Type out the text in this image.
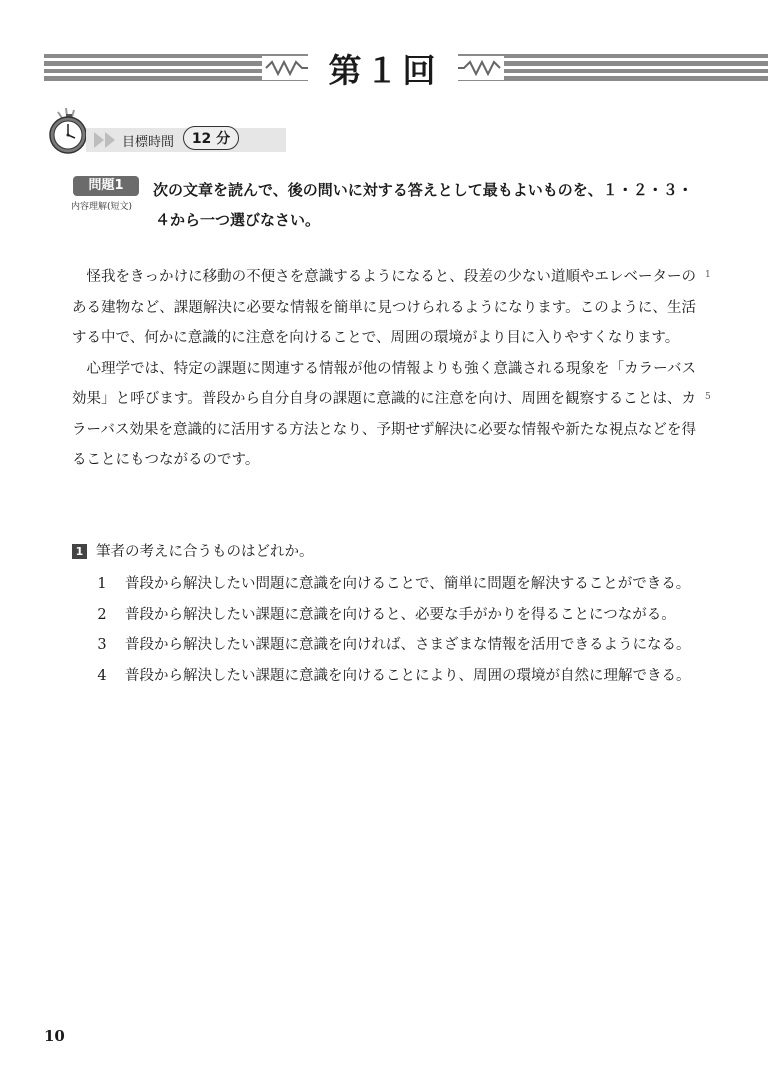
第１回
目標時間	12 分
問題1
内容理解(短文)
次の文章を読んで、後の問いに対する答えとして最もよいものを、１・２・３・
４から一つ選びなさい。

怪我をきっかけに移動の不便さを意識するようになると、段差の少ない道順やエレベーターのある建物など、課題解決に必要な情報を簡単に見つけられるようになります。このように、生活する中で、何かに意識的に注意を向けることで、周囲の環境がより目に入りやすくなります。

心理学では、特定の課題に関連する情報が他の情報よりも強く意識される現象を「カラーバス効果」と呼びます。普段から自分自身の課題に意識的に注意を向け、周囲を観察することは、カラーバス効果を意識的に活用する方法となり、予期せず解決に必要な情報や新たな視点などを得ることにもつながるのです。

1
5
1 筆者の考えに合うものはどれか。
1 普段から解決したい問題に意識を向けることで、簡単に問題を解決することができる。
2 普段から解決したい課題に意識を向けると、必要な手がかりを得ることにつながる。
3 普段から解決したい課題に意識を向ければ、さまざまな情報を活用できるようになる。
4 普段から解決したい課題に意識を向けることにより、周囲の環境が自然に理解できる。
10
